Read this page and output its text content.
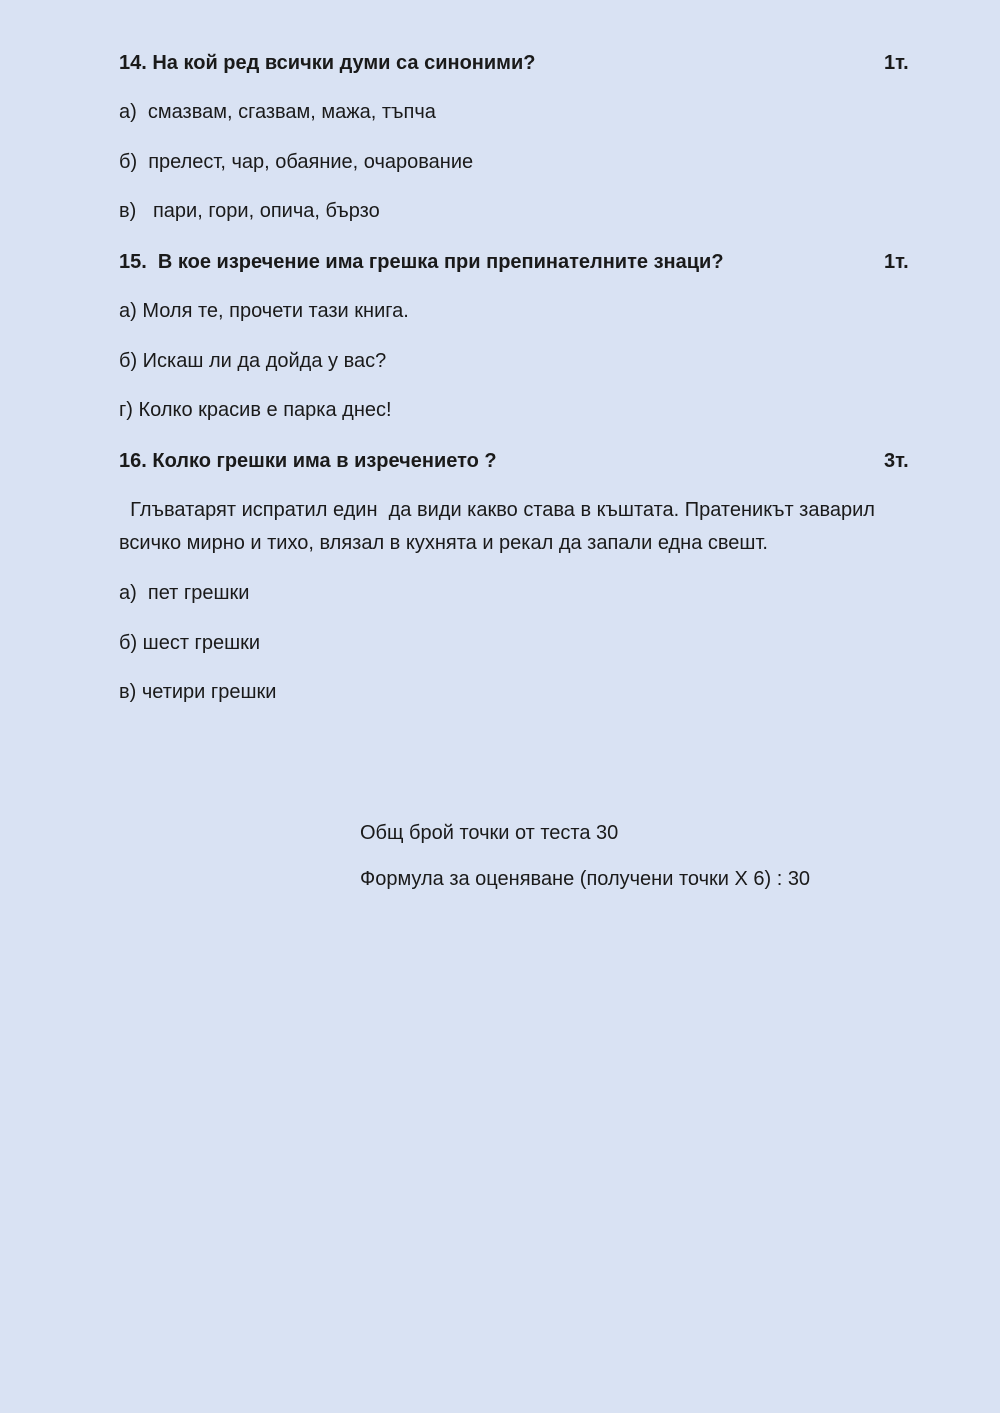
14. На кой ред всички думи са синоними?	1т.
а)  смазвам, сгазвам, мажа, тъпча
б)  прелест, чар, обаяние, очарование
в)   пари, гори, опича, бързо
15.  В кое изречение има грешка при препинателните знаци?	1т.
а) Моля те, прочети тази книга.
б) Искаш ли да дойда у вас?
г) Колко красив е парка днес!
16. Колко грешки има в изречението ?	3т.
Глъватарят испратил един  да види какво става в къштата. Пратеникът заварил всичко мирно и тихо, влязал в кухнята и рекал да запали една свешт.
а)  пет грешки
б) шест грешки
в) четири грешки
Общ брой точки от теста 30
Формула за оценяване (получени точки Х 6) : 30
